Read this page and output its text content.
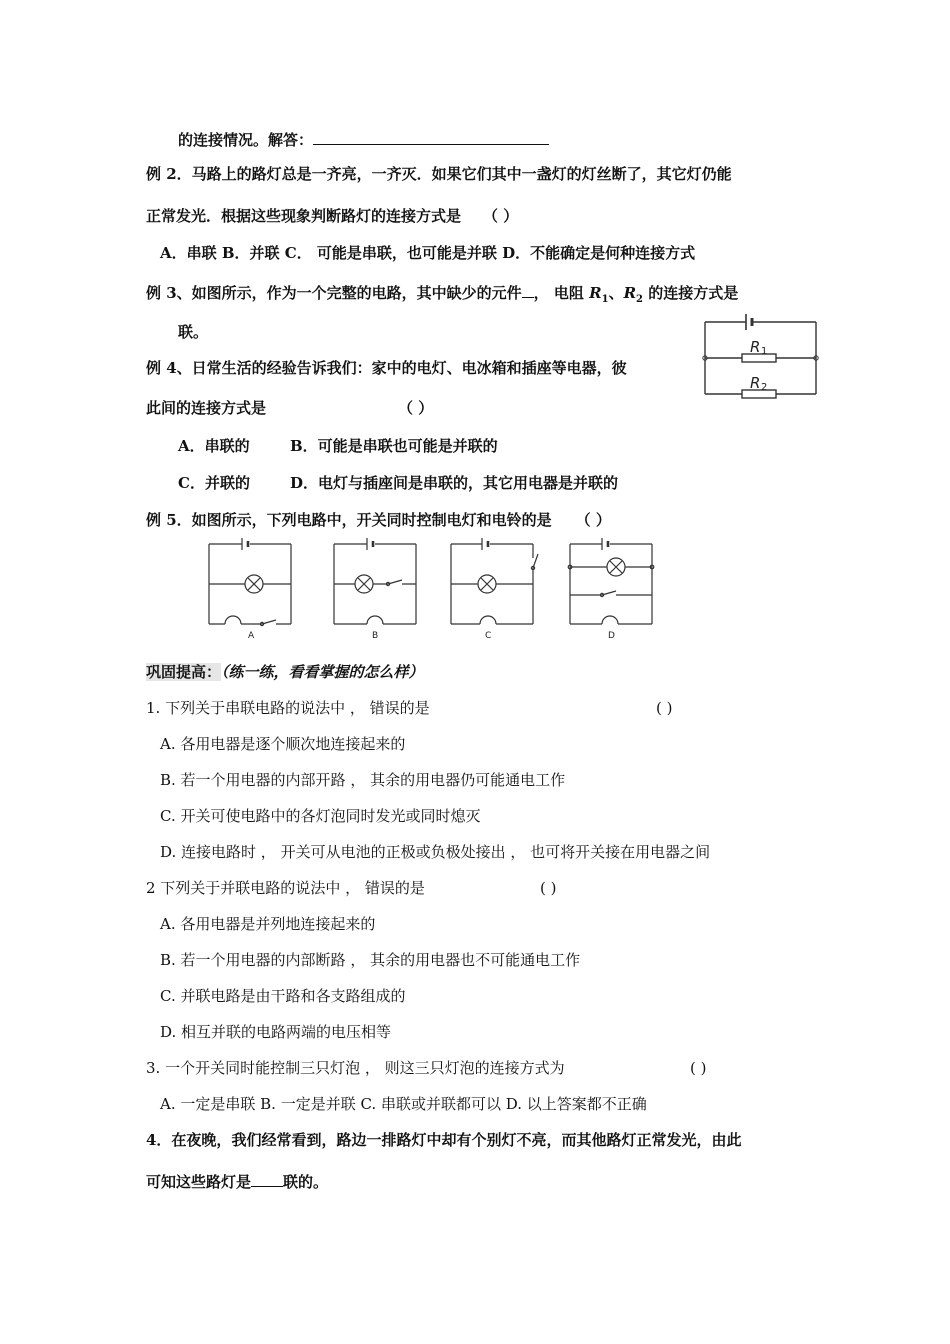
的连接情况。解答：
例 2．马路上的路灯总是一齐亮，一齐灭．如果它们其中一盏灯的灯丝断了，其它灯仍能
正常发光．根据这些现象判断路灯的连接方式是 （ ）
A．串联 B．并联 C． 可能是串联，也可能是并联 D．不能确定是何种连接方式
例 3、如图所示，作为一个完整的电路，其中缺少的元件 ， 电阻 $R_1$、$R_2$ 的连接方式是
联。
R 1
R 2
例 4、日常生活的经验告诉我们：家中的电灯、电冰箱和插座等电器，彼
此间的连接方式是	（ ）
A．串联的	B．可能是串联也可能是并联的
C．并联的	D．电灯与插座间是串联的，其它用电器是并联的
例 5．如图所示，下列电路中，开关同时控制电灯和电铃的是 （ ）
A	B	C	D
巩固提高：（练一练，看看掌握的怎么样）
1. 下列关于串联电路的说法中 ， 错误的是	( )
A. 各用电器是逐个顺次地连接起来的
B. 若一个用电器的内部开路 ， 其余的用电器仍可能通电工作
C. 开关可使电路中的各灯泡同时发光或同时熄灭
D. 连接电路时 ， 开关可从电池的正极或负极处接出 ， 也可将开关接在用电器之间
2 下列关于并联电路的说法中 ， 错误的是	( )
A. 各用电器是并列地连接起来的
B. 若一个用电器的内部断路 ， 其余的用电器也不可能通电工作
C. 并联电路是由干路和各支路组成的
D. 相互并联的电路两端的电压相等
3. 一个开关同时能控制三只灯泡 ， 则这三只灯泡的连接方式为	( )
A. 一定是串联 B. 一定是并联 C. 串联或并联都可以 D. 以上答案都不正确
4．在夜晚，我们经常看到，路边一排路灯中却有个别灯不亮，而其他路灯正常发光，由此
可知这些路灯是 联的。
